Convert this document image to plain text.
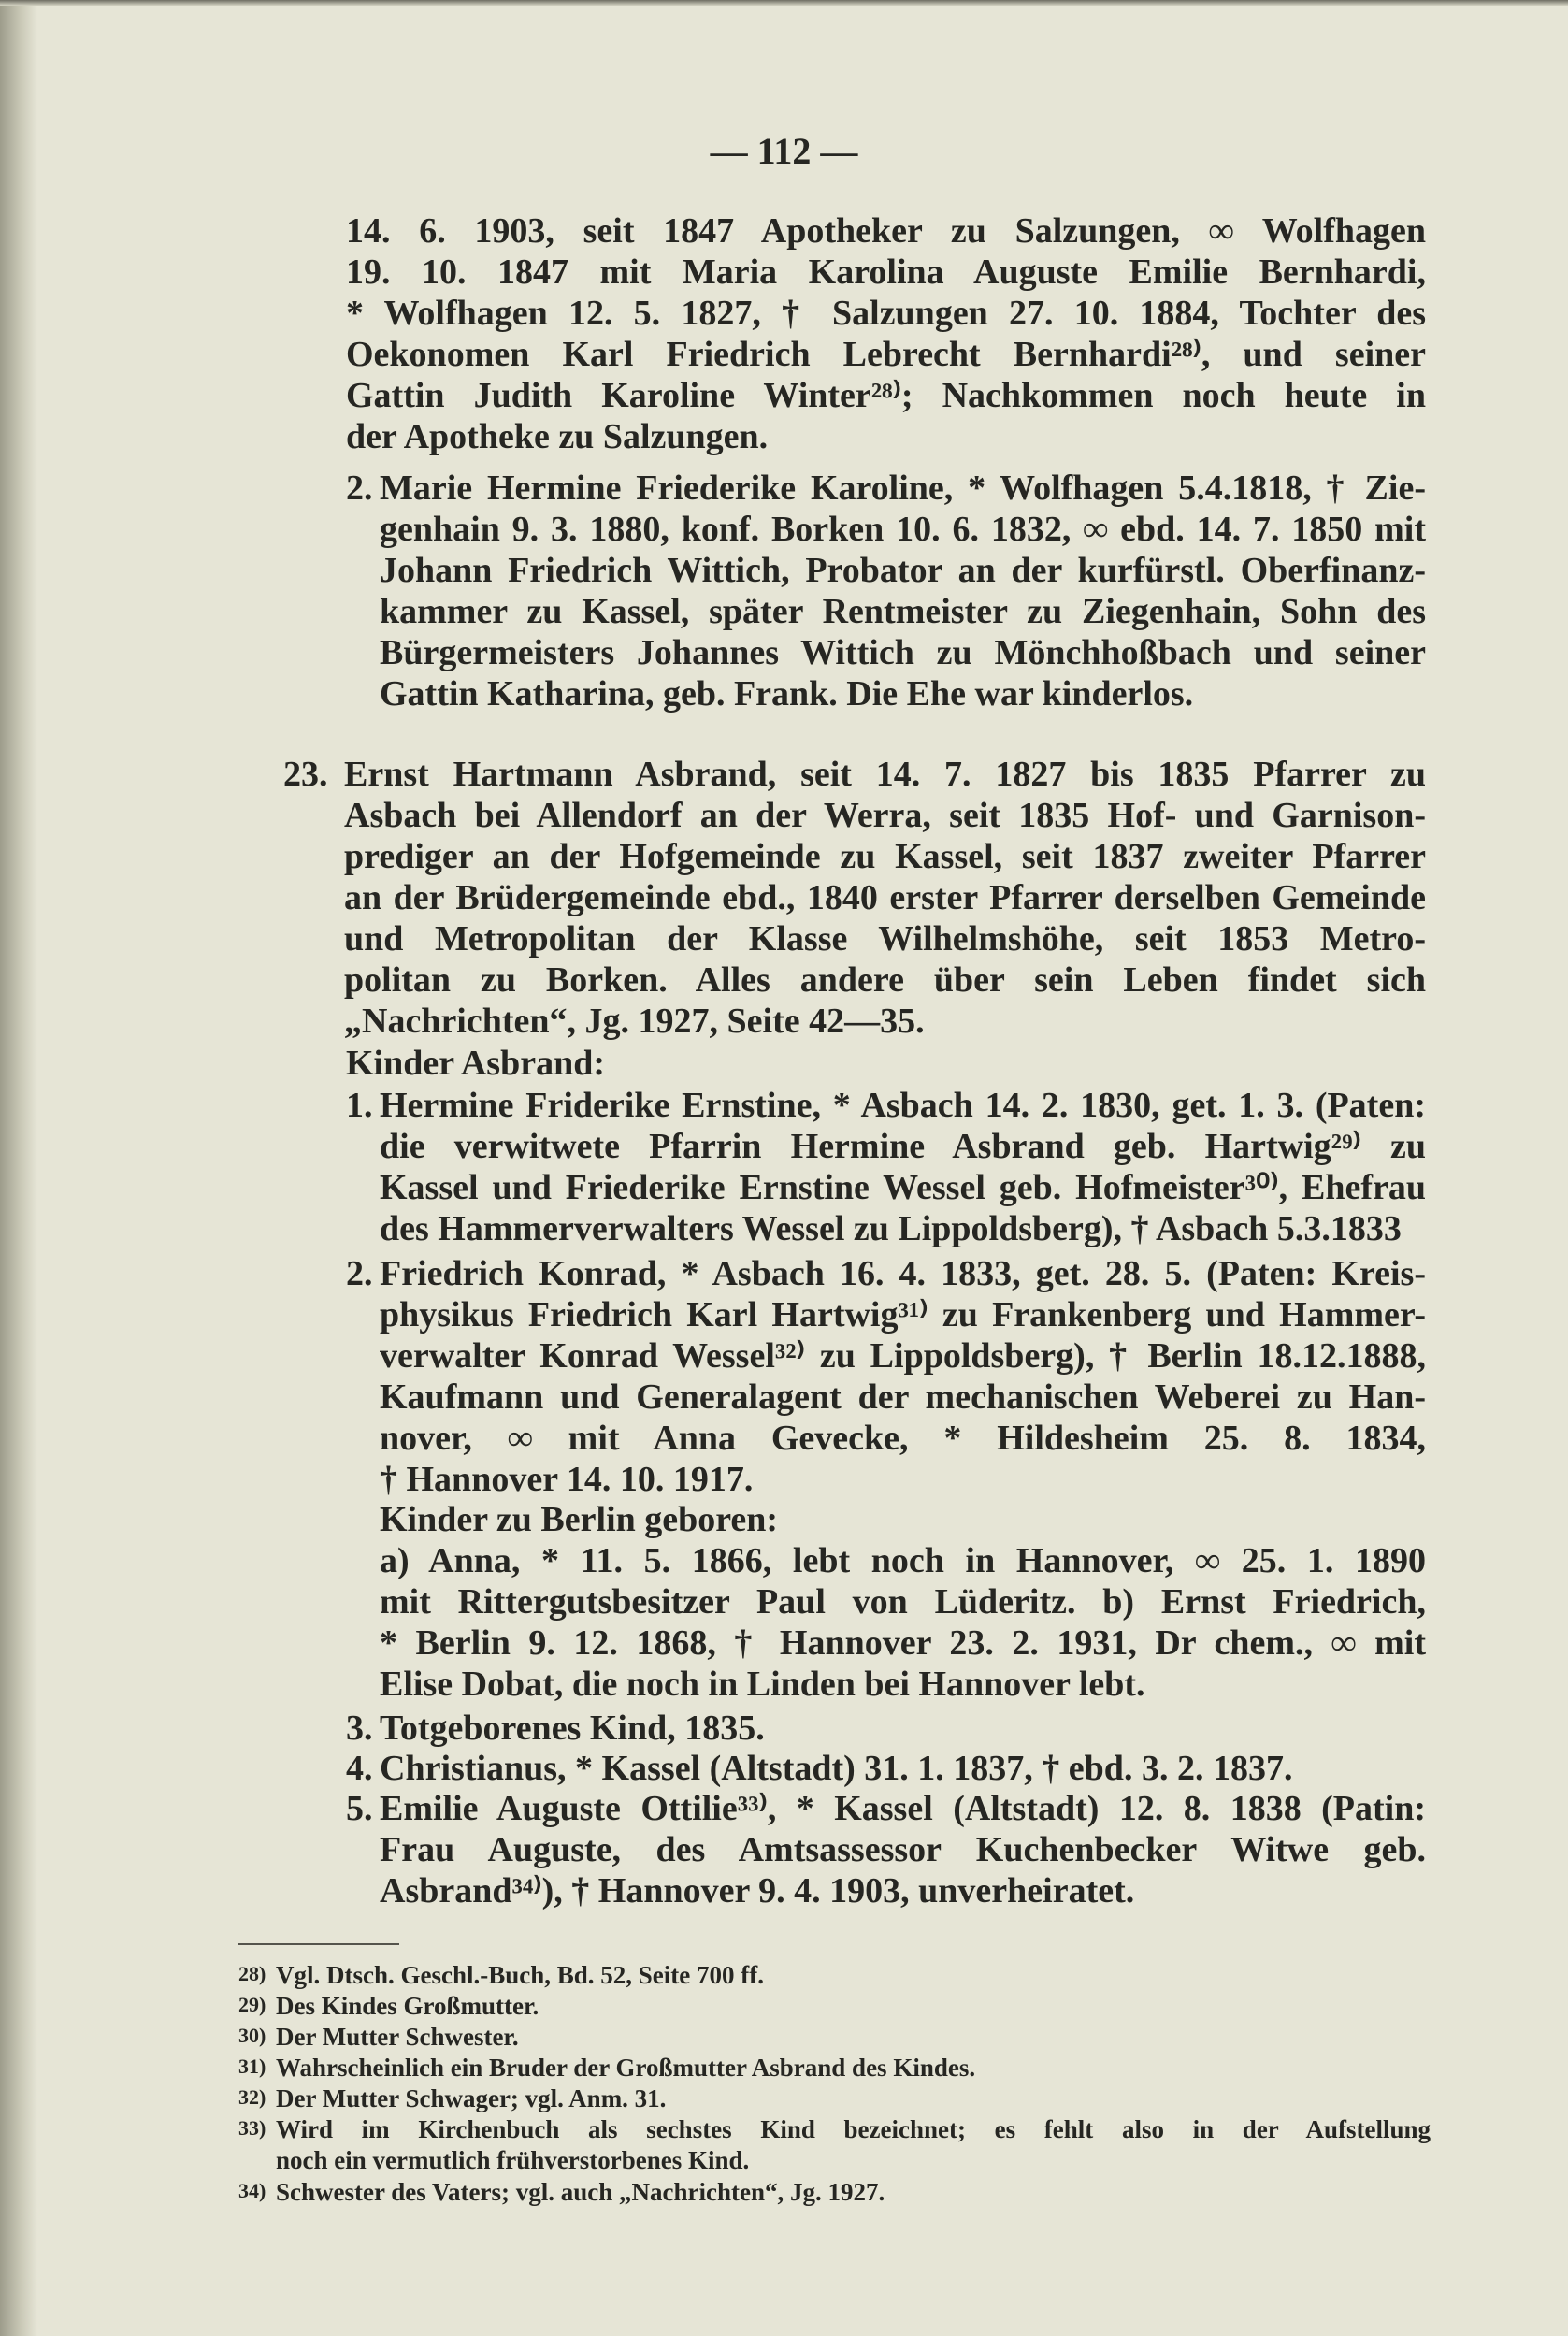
— 112 —
14. 6. 1903, seit 1847 Apotheker zu Salzungen, ∞ Wolfhagen
19. 10. 1847 mit Maria Karolina Auguste Emilie Bernhardi,
* Wolfhagen 12. 5. 1827, † Salzungen 27. 10. 1884, Tochter des
Oekonomen Karl Friedrich Lebrecht Bernhardi²⁸⁾, und seiner
Gattin Judith Karoline Winter²⁸⁾; Nachkommen noch heute in
der Apotheke zu Salzungen.
2. Marie Hermine Friederike Karoline, * Wolfhagen 5.4.1818, † Zie-
genhain 9. 3. 1880, konf. Borken 10. 6. 1832, ∞ ebd. 14. 7. 1850 mit
Johann Friedrich Wittich, Probator an der kurfürstl. Oberfinanz-
kammer zu Kassel, später Rentmeister zu Ziegenhain, Sohn des
Bürgermeisters Johannes Wittich zu Mönchhoßbach und seiner
Gattin Katharina, geb. Frank. Die Ehe war kinderlos.
23. Ernst Hartmann Asbrand, seit 14. 7. 1827 bis 1835 Pfarrer zu
Asbach bei Allendorf an der Werra, seit 1835 Hof- und Garnison-
prediger an der Hofgemeinde zu Kassel, seit 1837 zweiter Pfarrer
an der Brüdergemeinde ebd., 1840 erster Pfarrer derselben Gemeinde
und Metropolitan der Klasse Wilhelmshöhe, seit 1853 Metro-
politan zu Borken. Alles andere über sein Leben findet sich
„Nachrichten“, Jg. 1927, Seite 42—35.
Kinder Asbrand:
1. Hermine Friderike Ernstine, * Asbach 14. 2. 1830, get. 1. 3. (Paten:
die verwitwete Pfarrin Hermine Asbrand geb. Hartwig²⁹⁾ zu
Kassel und Friederike Ernstine Wessel geb. Hofmeister³⁰⁾, Ehefrau
des Hammerverwalters Wessel zu Lippoldsberg), † Asbach 5.3.1833
2. Friedrich Konrad, * Asbach 16. 4. 1833, get. 28. 5. (Paten: Kreis-
physikus Friedrich Karl Hartwig³¹⁾ zu Frankenberg und Hammer-
verwalter Konrad Wessel³²⁾ zu Lippoldsberg), † Berlin 18.12.1888,
Kaufmann und Generalagent der mechanischen Weberei zu Han-
nover, ∞ mit Anna Gevecke, * Hildesheim 25. 8. 1834,
† Hannover 14. 10. 1917.
Kinder zu Berlin geboren:
a) Anna, * 11. 5. 1866, lebt noch in Hannover, ∞ 25. 1. 1890
mit Rittergutsbesitzer Paul von Lüderitz. b) Ernst Friedrich,
* Berlin 9. 12. 1868, † Hannover 23. 2. 1931, Dr chem., ∞ mit
Elise Dobat, die noch in Linden bei Hannover lebt.
3. Totgeborenes Kind, 1835.
4. Christianus, * Kassel (Altstadt) 31. 1. 1837, † ebd. 3. 2. 1837.
5. Emilie Auguste Ottilie³³⁾, * Kassel (Altstadt) 12. 8. 1838 (Patin:
Frau Auguste, des Amtsassessor Kuchenbecker Witwe geb.
Asbrand³⁴⁾), † Hannover 9. 4. 1903, unverheiratet.
28) Vgl. Dtsch. Geschl.-Buch, Bd. 52, Seite 700 ff.
29) Des Kindes Großmutter.
30) Der Mutter Schwester.
31) Wahrscheinlich ein Bruder der Großmutter Asbrand des Kindes.
32) Der Mutter Schwager; vgl. Anm. 31.
33) Wird im Kirchenbuch als sechstes Kind bezeichnet; es fehlt also in der Aufstellung
noch ein vermutlich frühverstorbenes Kind.
34) Schwester des Vaters; vgl. auch „Nachrichten“, Jg. 1927.
